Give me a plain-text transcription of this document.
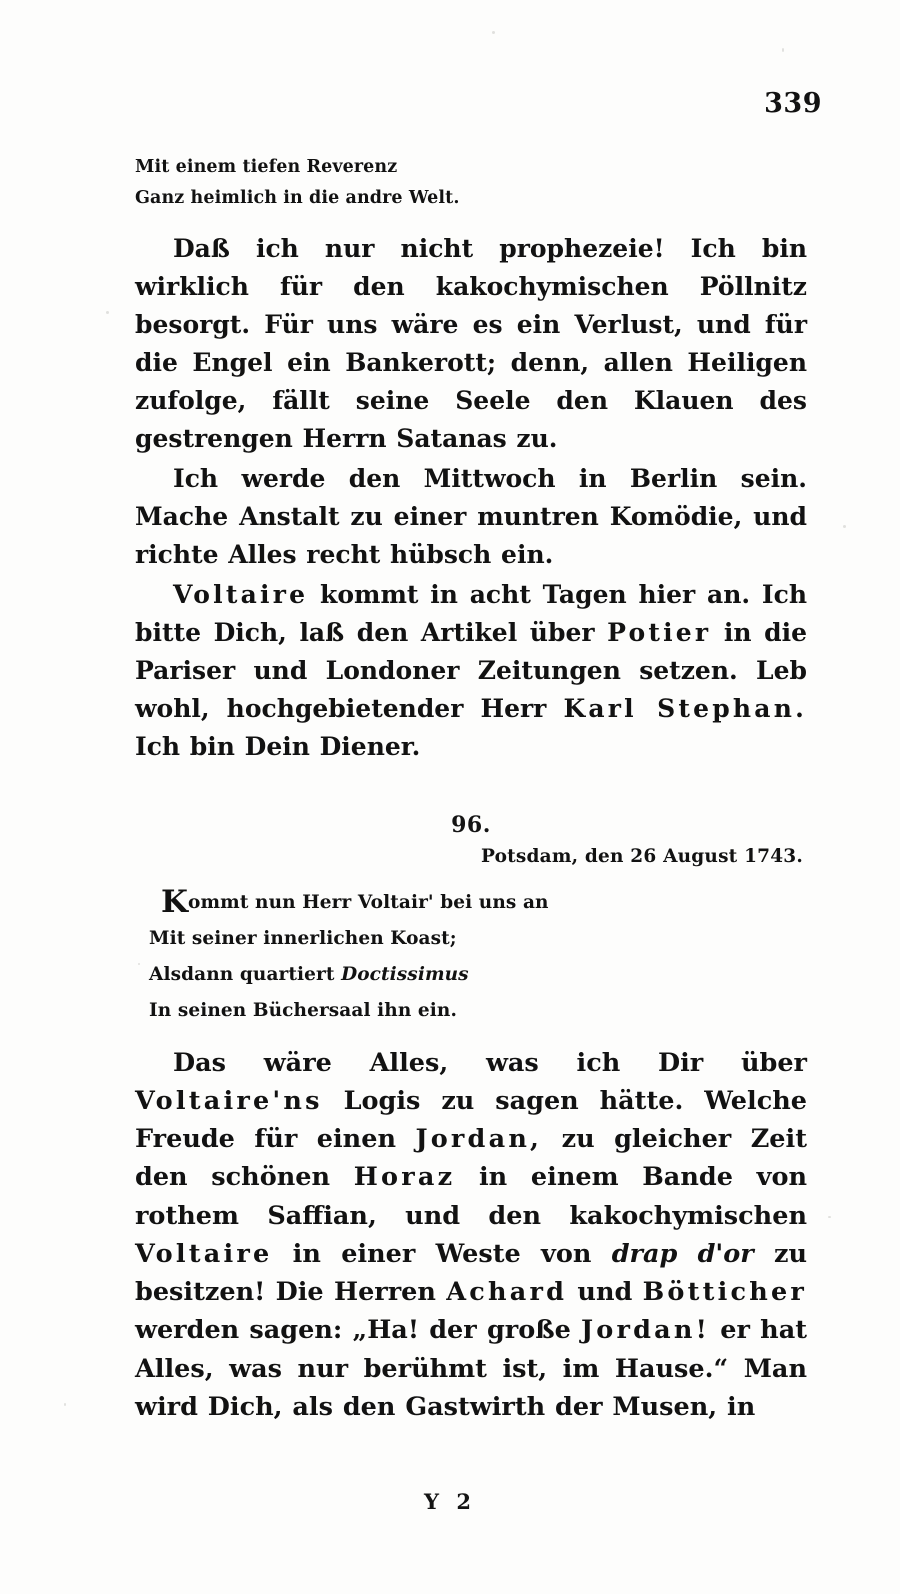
339
Mit einem tiefen Reverenz
Ganz heimlich in die andre Welt.

Daß ich nur nicht prophezeie! Ich bin wirklich für den kakochymischen Pöllnitz besorgt. Für uns wäre es ein Verlust, und für die Engel ein Bankerott; denn, allen Heiligen zufolge, fällt seine Seele den Klauen des gestrengen Herrn Satanas zu.

Ich werde den Mittwoch in Berlin sein. Mache Anstalt zu einer muntren Komödie, und richte Alles recht hübsch ein.

Voltaire kommt in acht Tagen hier an. Ich bitte Dich, laß den Artikel über Potier in die Pariser und Londoner Zeitungen setzen. Leb wohl, hochgebietender Herr Karl Stephan. Ich bin Dein Diener.

96.
Potsdam, den 26 August 1743.
Kommt nun Herr Voltair' bei uns an
Mit seiner innerlichen Koast;
Alsdann quartiert Doctissimus
In seinen Büchersaal ihn ein.

Das wäre Alles, was ich Dir über Voltaire'ns Logis zu sagen hätte. Welche Freude für einen Jordan, zu gleicher Zeit den schönen Horaz in einem Bande von rothem Saffian, und den kakochymischen Voltaire in einer Weste von drap d'or zu besitzen! Die Herren Achard und Bötticher werden sagen: „Ha! der große Jordan! er hat Alles, was nur berühmt ist, im Hause.“ Man wird Dich, als den Gastwirth der Musen, in

Y 2
